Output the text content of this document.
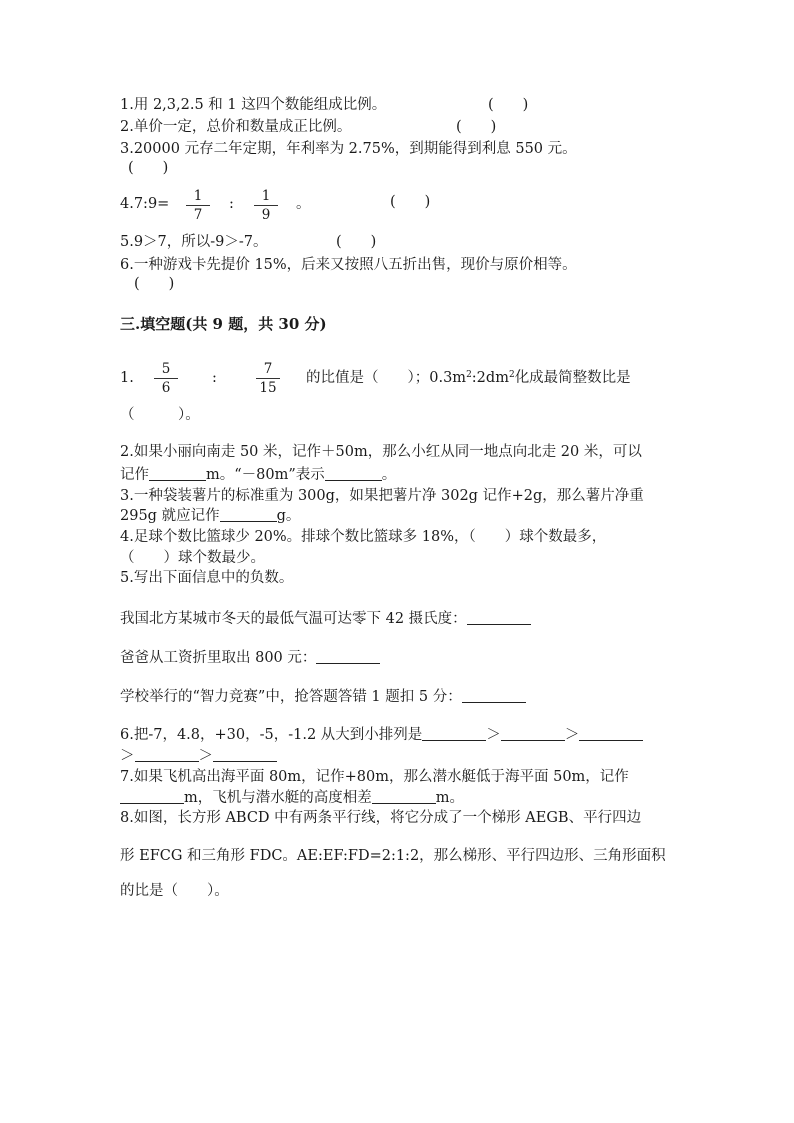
1.用 2,3,2.5 和 1 这四个数能组成比例。	(　　)
2.单价一定，总价和数量成正比例。	(　　)
3.20000 元存二年定期，年利率为 2.75%，到期能得到利息 550 元。
(　　)
4.7:9= $\frac{1}{7}$ : $\frac{1}{9}$ 。	(　　)
5.9＞7，所以-9＞-7。	(　　)
6.一种游戏卡先提价 15%，后来又按照八五折出售，现价与原价相等。
(　　)
三.填空题(共 9 题，共 30 分)
1. $\frac{5}{6}$ :	$\frac{7}{15}$ 的比值是（　　）；$0.3m^2:2dm^2$化成最简整数比是
（　　　）。
2.如果小丽向南走 50 米，记作＋50m，那么小红从同一地点向北走 20 米，可以
记作	m。“－80m”表示	。
3.一种袋装薯片的标准重为 300g，如果把薯片净 302g 记作+2g，那么薯片净重
295g 就应记作	g。
4.足球个数比篮球少 20%。排球个数比篮球多 18%，（　　）球个数最多，
（　　）球个数最少。
5.写出下面信息中的负数。
我国北方某城市冬天的最低气温可达零下 42 摄氏度：
爸爸从工资折里取出 800 元：
学校举行的“智力竞赛”中，抢答题答错 1 题扣 5 分：
6.把-7，4.8，+30，-5，-1.2 从大到小排列是	＞	＞
＞	＞
7.如果飞机高出海平面 80m，记作+80m，那么潜水艇低于海平面 50m，记作
m，飞机与潜水艇的高度相差	m。
8.如图，长方形 ABCD 中有两条平行线，将它分成了一个梯形 AEGB、平行四边
形 EFCG 和三角形 FDC。AE:EF:FD=2:1:2，那么梯形、平行四边形、三角形面积
的比是（　　）。
